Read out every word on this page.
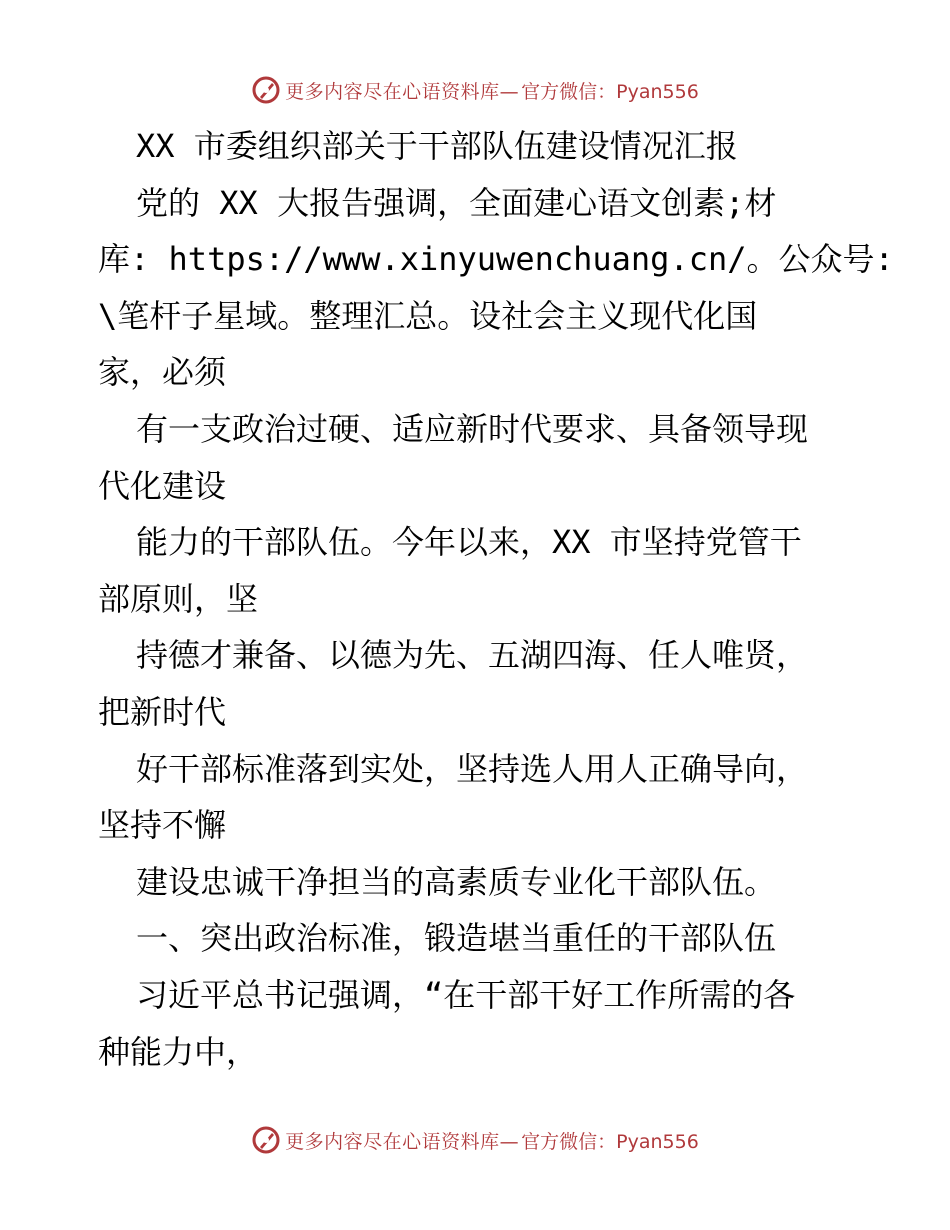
更多内容尽在心语资料库— 官方微信：Pyan556
XX 市委组织部关于干部队伍建设情况汇报
党的 XX 大报告强调，全面建心语文创素;材
库: https://www.xinyuwenchuang.cn/。公众号:
\笔杆子星域。整理汇总。设社会主义现代化国
家，必须
有一支政治过硬、适应新时代要求、具备领导现
代化建设
能力的干部队伍。今年以来，XX 市坚持党管干
部原则，坚
持德才兼备、以德为先、五湖四海、任人唯贤，
把新时代
好干部标准落到实处，坚持选人用人正确导向，
坚持不懈
建设忠诚干净担当的高素质专业化干部队伍。
一、突出政治标准，锻造堪当重任的干部队伍
习近平总书记强调，“在干部干好工作所需的各
种能力中，
更多内容尽在心语资料库— 官方微信：Pyan556
